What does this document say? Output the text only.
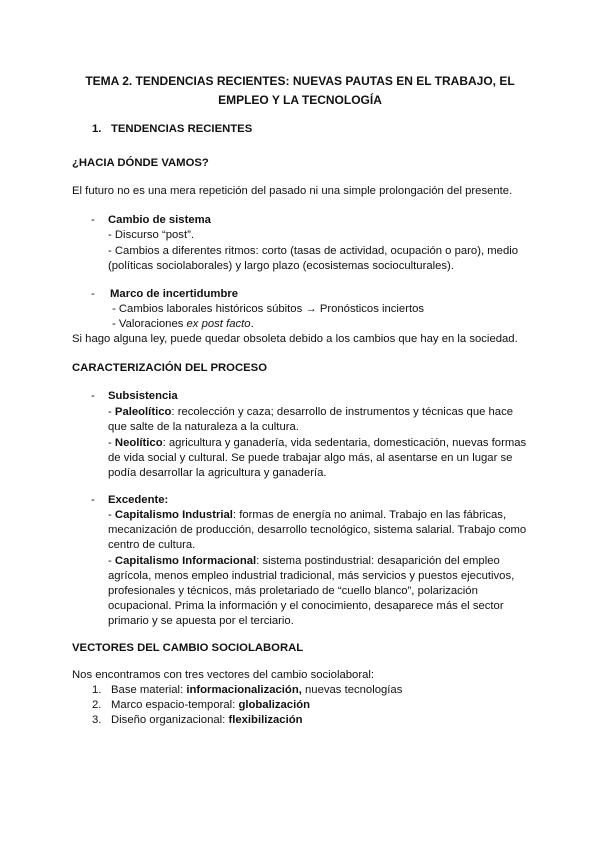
TEMA 2. TENDENCIAS RECIENTES: NUEVAS PAUTAS EN EL TRABAJO, EL
EMPLEO Y LA TECNOLOGÍA
1. TENDENCIAS RECIENTES
¿HACIA DÓNDE VAMOS?
El futuro no es una mera repetición del pasado ni una simple prolongación del presente.
- Cambio de sistema
- Discurso “post”.
- Cambios a diferentes ritmos: corto (tasas de actividad, ocupación o paro), medio
(políticas sociolaborales) y largo plazo (ecosistemas socioculturales).
- Marco de incertidumbre
- Cambios laborales históricos súbitos → Pronósticos inciertos
- Valoraciones ex post facto.
Si hago alguna ley, puede quedar obsoleta debido a los cambios que hay en la sociedad.
CARACTERIZACIÓN DEL PROCESO
- Subsistencia
- Paleolítico: recolección y caza; desarrollo de instrumentos y técnicas que hace
que salte de la naturaleza a la cultura.
- Neolítico: agricultura y ganadería, vida sedentaria, domesticación, nuevas formas
de vida social y cultural. Se puede trabajar algo más, al asentarse en un lugar se
podía desarrollar la agricultura y ganadería.
- Excedente:
- Capitalismo Industrial: formas de energía no animal. Trabajo en las fábricas,
mecanización de producción, desarrollo tecnológico, sistema salarial. Trabajo como
centro de cultura.
- Capitalismo Informacional: sistema postindustrial: desaparición del empleo
agrícola, menos empleo industrial tradicional, más servicios y puestos ejecutivos,
profesionales y técnicos, más proletariado de “cuello blanco”, polarización
ocupacional. Prima la información y el conocimiento, desaparece más el sector
primario y se apuesta por el terciario.
VECTORES DEL CAMBIO SOCIOLABORAL
Nos encontramos con tres vectores del cambio sociolaboral:
1. Base material: informacionalización, nuevas tecnologías
2. Marco espacio-temporal: globalización
3. Diseño organizacional: flexibilización
